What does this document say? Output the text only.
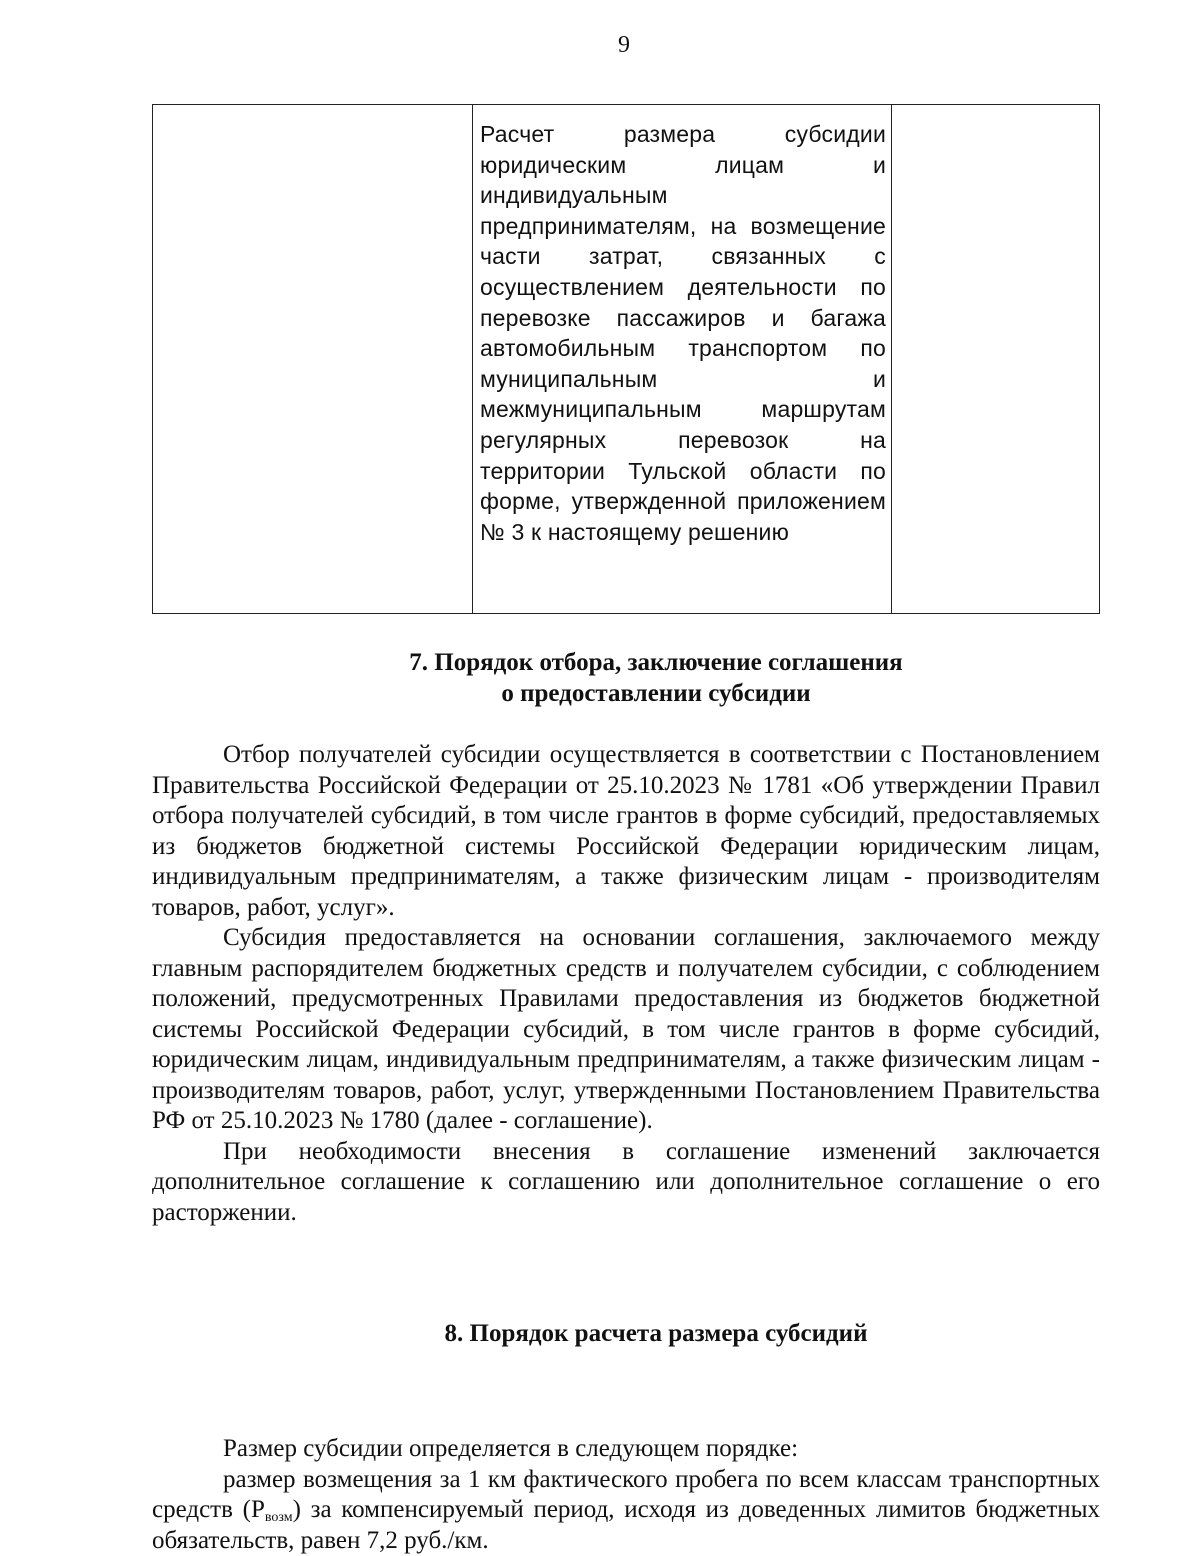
9
Расчет размера субсидии юридическим лицам и индивидуальным предпринимателям, на возмещение части затрат, связанных с осуществлением деятельности по перевозке пассажиров и багажа автомобильным транспортом по муниципальным и межмуниципальным маршрутам регулярных перевозок на территории Тульской области по форме, утвержденной приложением № 3 к настоящему решению
7. Порядок отбора, заключение соглашения
о предоставлении субсидии

Отбор получателей субсидии осуществляется в соответствии с Постановлением Правительства Российской Федерации от 25.10.2023 № 1781 «Об утверждении Правил отбора получателей субсидий, в том числе грантов в форме субсидий, предоставляемых из бюджетов бюджетной системы Российской Федерации юридическим лицам, индивидуальным предпринимателям, а также физическим лицам - производителям товаров, работ, услуг».

Субсидия предоставляется на основании соглашения, заключаемого между главным распорядителем бюджетных средств и получателем субсидии, с соблюдением положений, предусмотренных Правилами предоставления из бюджетов бюджетной системы Российской Федерации субсидий, в том числе грантов в форме субсидий, юридическим лицам, индивидуальным предпринимателям, а также физическим лицам - производителям товаров, работ, услуг, утвержденными Постановлением Правительства РФ от 25.10.2023 № 1780 (далее - соглашение).

При необходимости внесения в соглашение изменений заключается дополнительное соглашение к соглашению или дополнительное соглашение о его расторжении.

8. Порядок расчета размера субсидий

Размер субсидии определяется в следующем порядке:

размер возмещения за 1 км фактического пробега по всем классам транспортных средств $(Р_{возм})$ за компенсируемый период, исходя из доведенных лимитов бюджетных обязательств, равен 7,2 руб./км.
